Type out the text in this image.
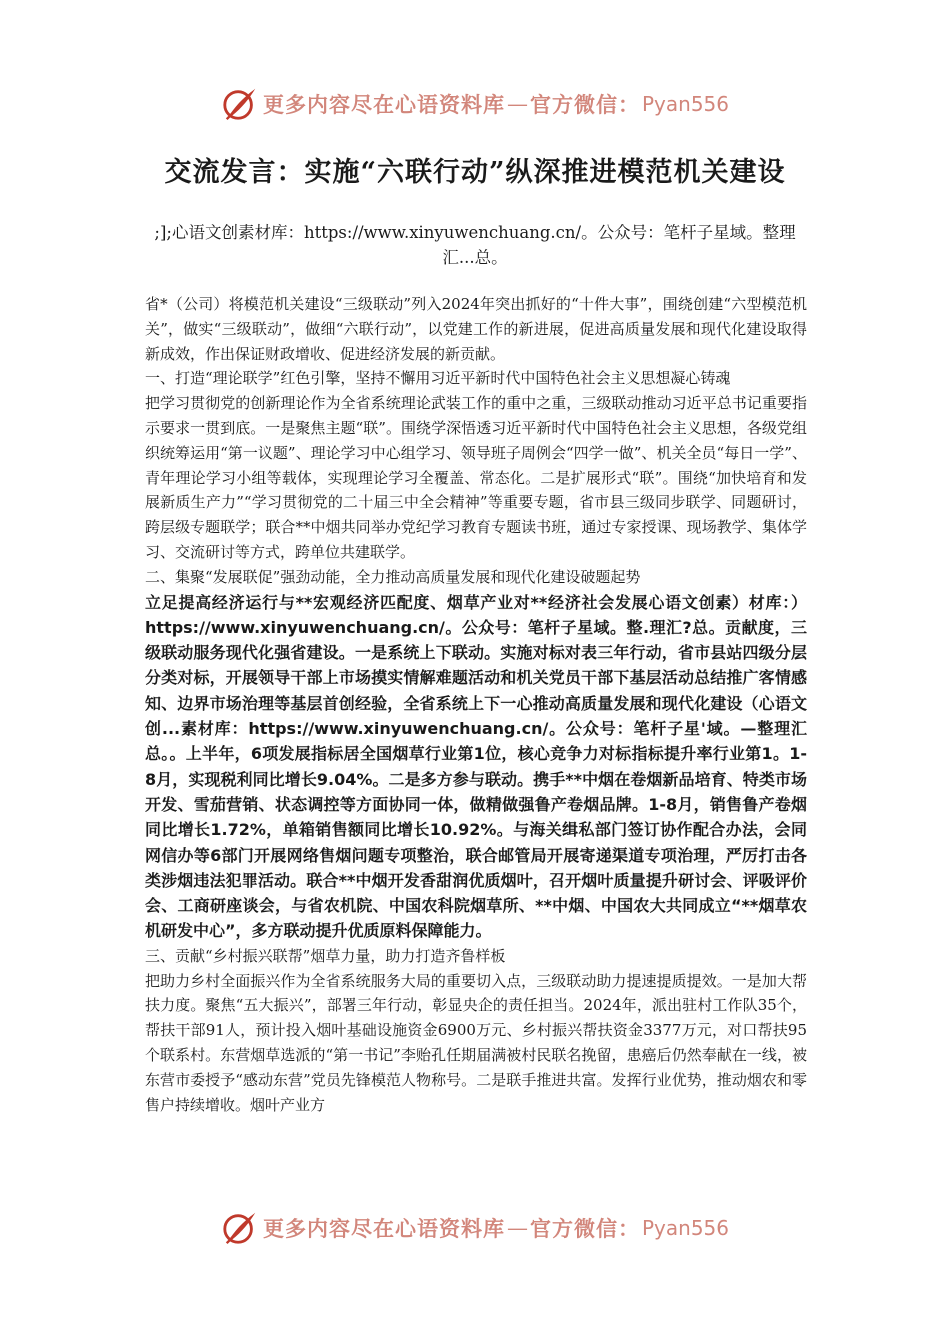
更多内容尽在心语资料库 — 官方微信： Pyan556
交流发言：实施“六联行动”纵深推进模范机关建设
;];心语文创素材库：https://www.xinyuwenchuang.cn/。公众号：笔杆子星域。整理汇...总。

省*（公司）将模范机关建设“三级联动”列入2024年突出抓好的“十件大事”，围绕创建“六型模范机关”，做实“三级联动”，做细“六联行动”，以党建工作的新进展，促进高质量发展和现代化建设取得新成效，作出保证财政增收、促进经济发展的新贡献。

一、打造“理论联学”红色引擎，坚持不懈用习近平新时代中国特色社会主义思想凝心铸魂

把学习贯彻党的创新理论作为全省系统理论武装工作的重中之重，三级联动推动习近平总书记重要指示要求一贯到底。一是聚焦主题“联”。围绕学深悟透习近平新时代中国特色社会主义思想，各级党组织统筹运用“第一议题”、理论学习中心组学习、领导班子周例会“四学一做”、机关全员“每日一学”、青年理论学习小组等载体，实现理论学习全覆盖、常态化。二是扩展形式“联”。围绕“加快培育和发展新质生产力”“学习贯彻党的二十届三中全会精神”等重要专题，省市县三级同步联学、同题研讨，跨层级专题联学；联合**中烟共同举办党纪学习教育专题读书班，通过专家授课、现场教学、集体学习、交流研讨等方式，跨单位共建联学。

二、集聚“发展联促”强劲动能，全力推动高质量发展和现代化建设破题起势

立足提高经济运行与**宏观经济匹配度、烟草产业对**经济社会发展心语文创素）材库：）https://www.xinyuwenchuang.cn/。公众号：笔杆子星域。整.理汇?总。贡献度，三级联动服务现代化强省建设。一是系统上下联动。实施对标对表三年行动，省市县站四级分层分类对标，开展领导干部上市场摸实情解难题活动和机关党员干部下基层活动总结推广客情感知、边界市场治理等基层首创经验，全省系统上下一心推动高质量发展和现代化建设（心语文创...素材库：https://www.xinyuwenchuang.cn/。公众号：笔杆子星'域。—整理汇总。。上半年，6项发展指标居全国烟草行业第1位，核心竞争力对标指标提升率行业第1。1-8月，实现税利同比增长9.04%。二是多方参与联动。携手**中烟在卷烟新品培育、特类市场开发、雪茄营销、状态调控等方面协同一体，做精做强鲁产卷烟品牌。1-8月，销售鲁产卷烟同比增长1.72%，单箱销售额同比增长10.92%。与海关缉私部门签订协作配合办法，会同网信办等6部门开展网络售烟问题专项整治，联合邮管局开展寄递渠道专项治理，严厉打击各类涉烟违法犯罪活动。联合**中烟开发香甜润优质烟叶，召开烟叶质量提升研讨会、评吸评价会、工商研座谈会，与省农机院、中国农科院烟草所、**中烟、中国农大共同成立“**烟草农机研发中心”，多方联动提升优质原料保障能力。

三、贡献“乡村振兴联帮”烟草力量，助力打造齐鲁样板

把助力乡村全面振兴作为全省系统服务大局的重要切入点，三级联动助力提速提质提效。一是加大帮扶力度。聚焦“五大振兴”，部署三年行动，彰显央企的责任担当。2024年，派出驻村工作队35个，帮扶干部91人，预计投入烟叶基础设施资金6900万元、乡村振兴帮扶资金3377万元，对口帮扶95个联系村。东营烟草选派的“第一书记”李贻孔任期届满被村民联名挽留，患癌后仍然奉献在一线，被东营市委授予“感动东营”党员先锋模范人物称号。二是联手推进共富。发挥行业优势，推动烟农和零售户持续增收。烟叶产业方

更多内容尽在心语资料库 — 官方微信： Pyan556
